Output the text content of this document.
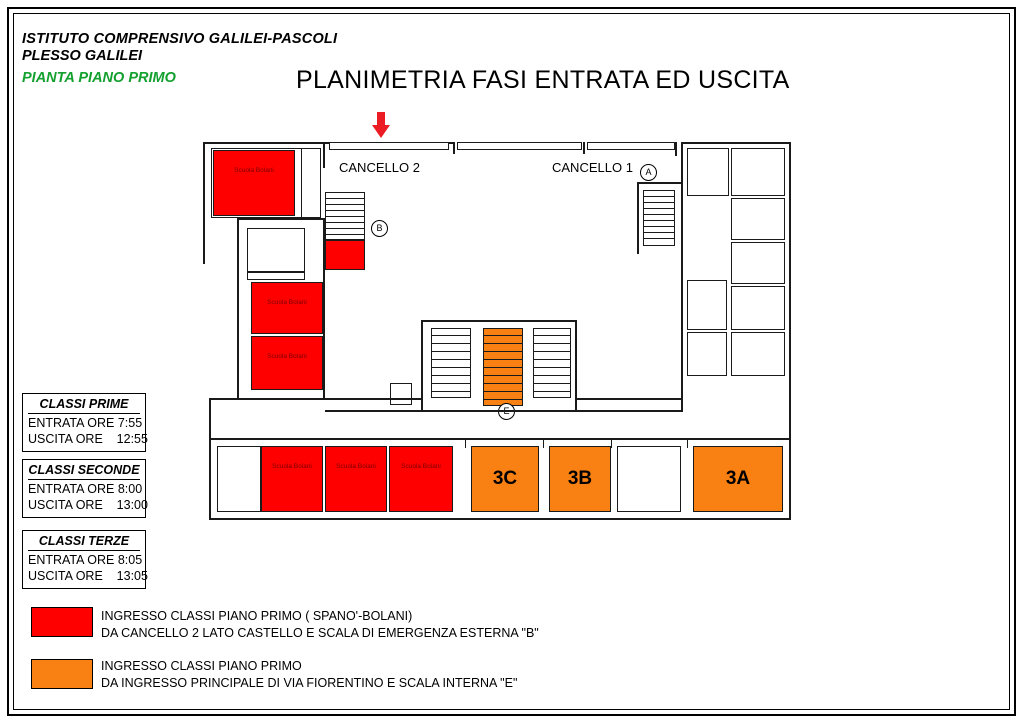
ISTITUTO COMPRENSIVO GALILEI-PASCOLI
PLESSO GALILEI
PIANTA PIANO PRIMO	PLANIMETRIA FASI ENTRATA ED USCITA
CLASSI PRIME
ENTRATA ORE 7:55
USCITA ORE    12:55
CLASSI SECONDE
ENTRATA ORE 8:00
USCITA ORE    13:00
CLASSI TERZE
ENTRATA ORE 8:05
USCITA ORE    13:05
INGRESSO CLASSI PIANO PRIMO ( SPANO'-BOLANI)
DA CANCELLO 2 LATO CASTELLO E SCALA DI EMERGENZA ESTERNA "B"
INGRESSO CLASSI PIANO PRIMO
DA INGRESSO PRINCIPALE DI VIA FIORENTINO E SCALA INTERNA "E"
Scuola Bolani	CANCELLO 2	CANCELLO 1
B
Scuola Bolani
Scuola Bolani
A
Scuola Bolani	Scuola Bolani	Scuola Bolani
3C	3B	3A
